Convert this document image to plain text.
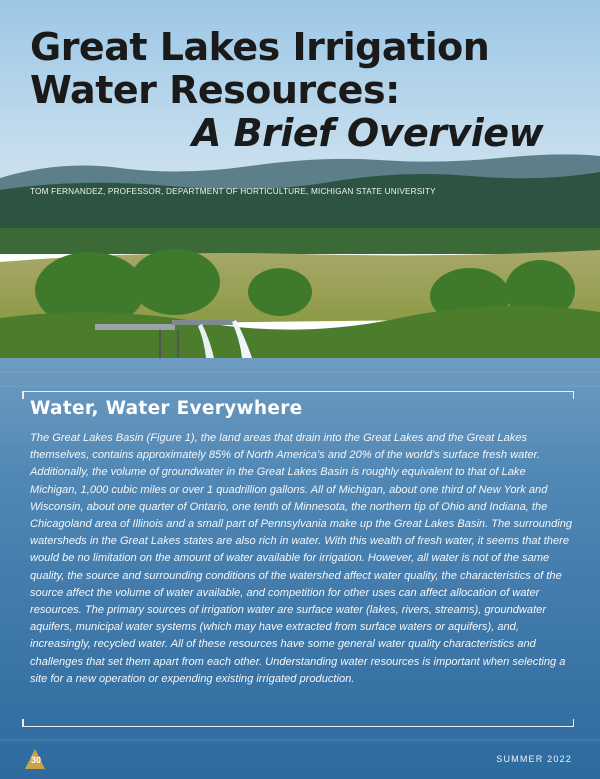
Great Lakes Irrigation
Water Resources:
A Brief Overview
TOM FERNANDEZ, PROFESSOR, DEPARTMENT OF HORTICULTURE, MICHIGAN STATE UNIVERSITY
Water, Water Everywhere

The Great Lakes Basin (Figure 1), the land areas that drain into the Great Lakes and the Great Lakes themselves, contains approximately 85% of North America’s and 20% of the world’s surface fresh water. Additionally, the volume of groundwater in the Great Lakes Basin is roughly equivalent to that of Lake Michigan, 1,000 cubic miles or over 1 quadrillion gallons. All of Michigan, about one third of New York and Wisconsin, about one quarter of Ontario, one tenth of Minnesota, the northern tip of Ohio and Indiana, the Chicagoland area of Illinois and a small part of Pennsylvania make up the Great Lakes Basin. The surrounding watersheds in the Great Lakes states are also rich in water. With this wealth of fresh water, it seems that there would be no limitation on the amount of water available for irrigation. However, all water is not of the same quality, the source and surrounding conditions of the watershed affect water quality, the characteristics of the source affect the volume of water available, and competition for other uses can affect allocation of water resources. The primary sources of irrigation water are surface water (lakes, rivers, streams), groundwater aquifers, municipal water systems (which may have extracted from surface waters or aquifers), and, increasingly, recycled water. All of these resources have some general water quality characteristics and challenges that set them apart from each other. Understanding water resources is important when selecting a site for a new operation or expending existing irrigated production.

30	SUMMER 2022
